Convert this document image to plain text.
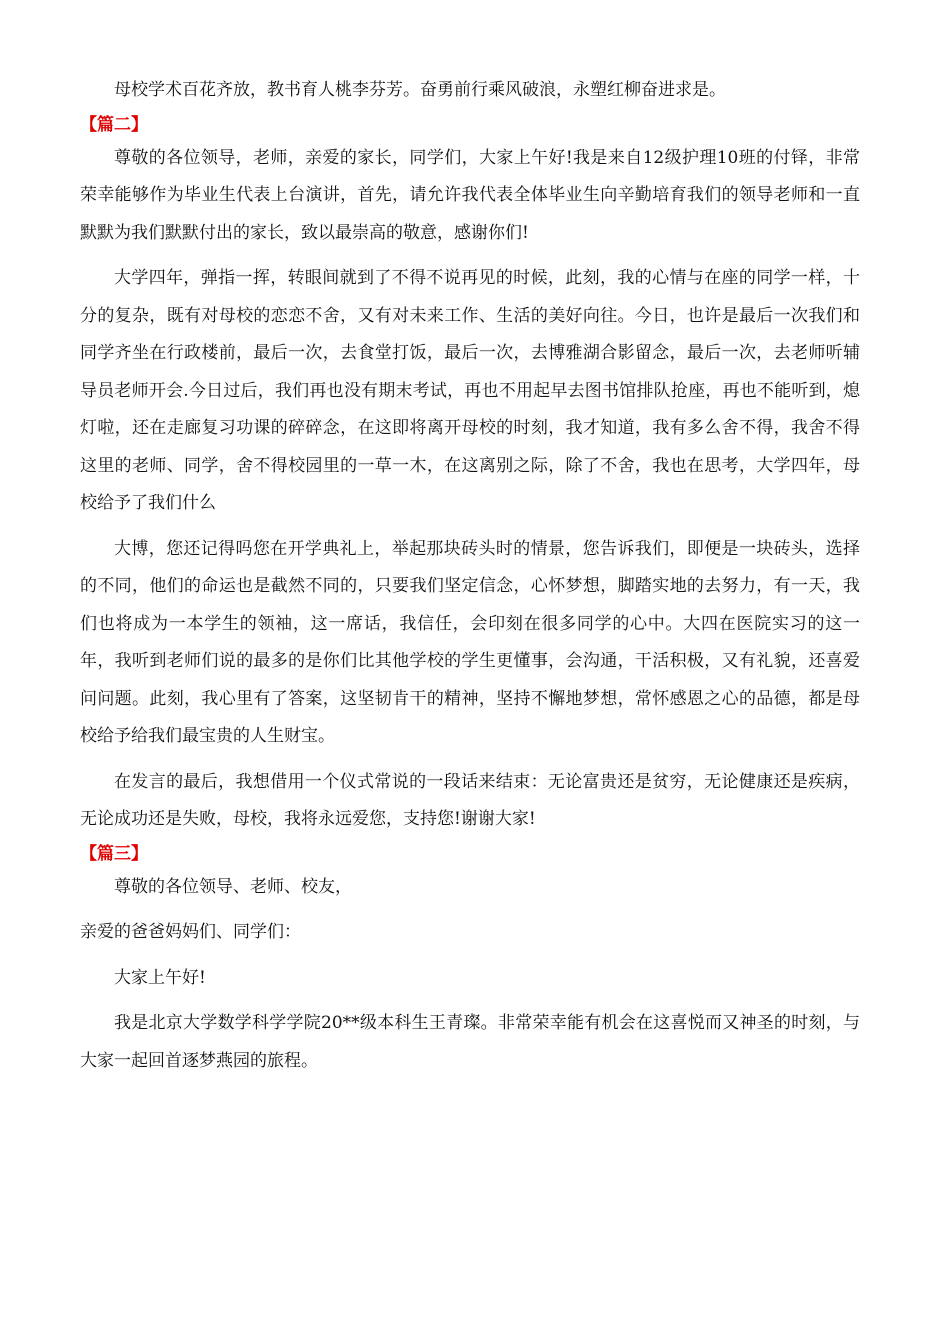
母校学术百花齐放，教书育人桃李芬芳。奋勇前行乘风破浪，永塑红柳奋进求是。

【篇二】

尊敬的各位领导，老师，亲爱的家长，同学们，大家上午好!我是来自12级护理10班的付铎，非常荣幸能够作为毕业生代表上台演讲，首先，请允许我代表全体毕业生向辛勤培育我们的领导老师和一直默默为我们默默付出的家长，致以最崇高的敬意，感谢你们!

大学四年，弹指一挥，转眼间就到了不得不说再见的时候，此刻，我的心情与在座的同学一样，十分的复杂，既有对母校的恋恋不舍，又有对未来工作、生活的美好向往。今日，也许是最后一次我们和同学齐坐在行政楼前，最后一次，去食堂打饭，最后一次，去博雅湖合影留念，最后一次，去老师听辅导员老师开会.今日过后，我们再也没有期末考试，再也不用起早去图书馆排队抢座，再也不能听到，熄灯啦，还在走廊复习功课的碎碎念，在这即将离开母校的时刻，我才知道，我有多么舍不得，我舍不得这里的老师、同学，舍不得校园里的一草一木，在这离别之际，除了不舍，我也在思考，大学四年，母校给予了我们什么

大博，您还记得吗您在开学典礼上，举起那块砖头时的情景，您告诉我们，即便是一块砖头，选择的不同，他们的命运也是截然不同的，只要我们坚定信念，心怀梦想，脚踏实地的去努力，有一天，我们也将成为一本学生的领袖，这一席话，我信任，会印刻在很多同学的心中。大四在医院实习的这一年，我听到老师们说的最多的是你们比其他学校的学生更懂事，会沟通，干活积极，又有礼貌，还喜爱问问题。此刻，我心里有了答案，这坚韧肯干的精神，坚持不懈地梦想，常怀感恩之心的品德，都是母校给予给我们最宝贵的人生财宝。

在发言的最后，我想借用一个仪式常说的一段话来结束：无论富贵还是贫穷，无论健康还是疾病，无论成功还是失败，母校，我将永远爱您，支持您!谢谢大家!

【篇三】

尊敬的各位领导、老师、校友，

亲爱的爸爸妈妈们、同学们：

大家上午好!

我是北京大学数学科学学院20**级本科生王青璨。非常荣幸能有机会在这喜悦而又神圣的时刻，与大家一起回首逐梦燕园的旅程。
